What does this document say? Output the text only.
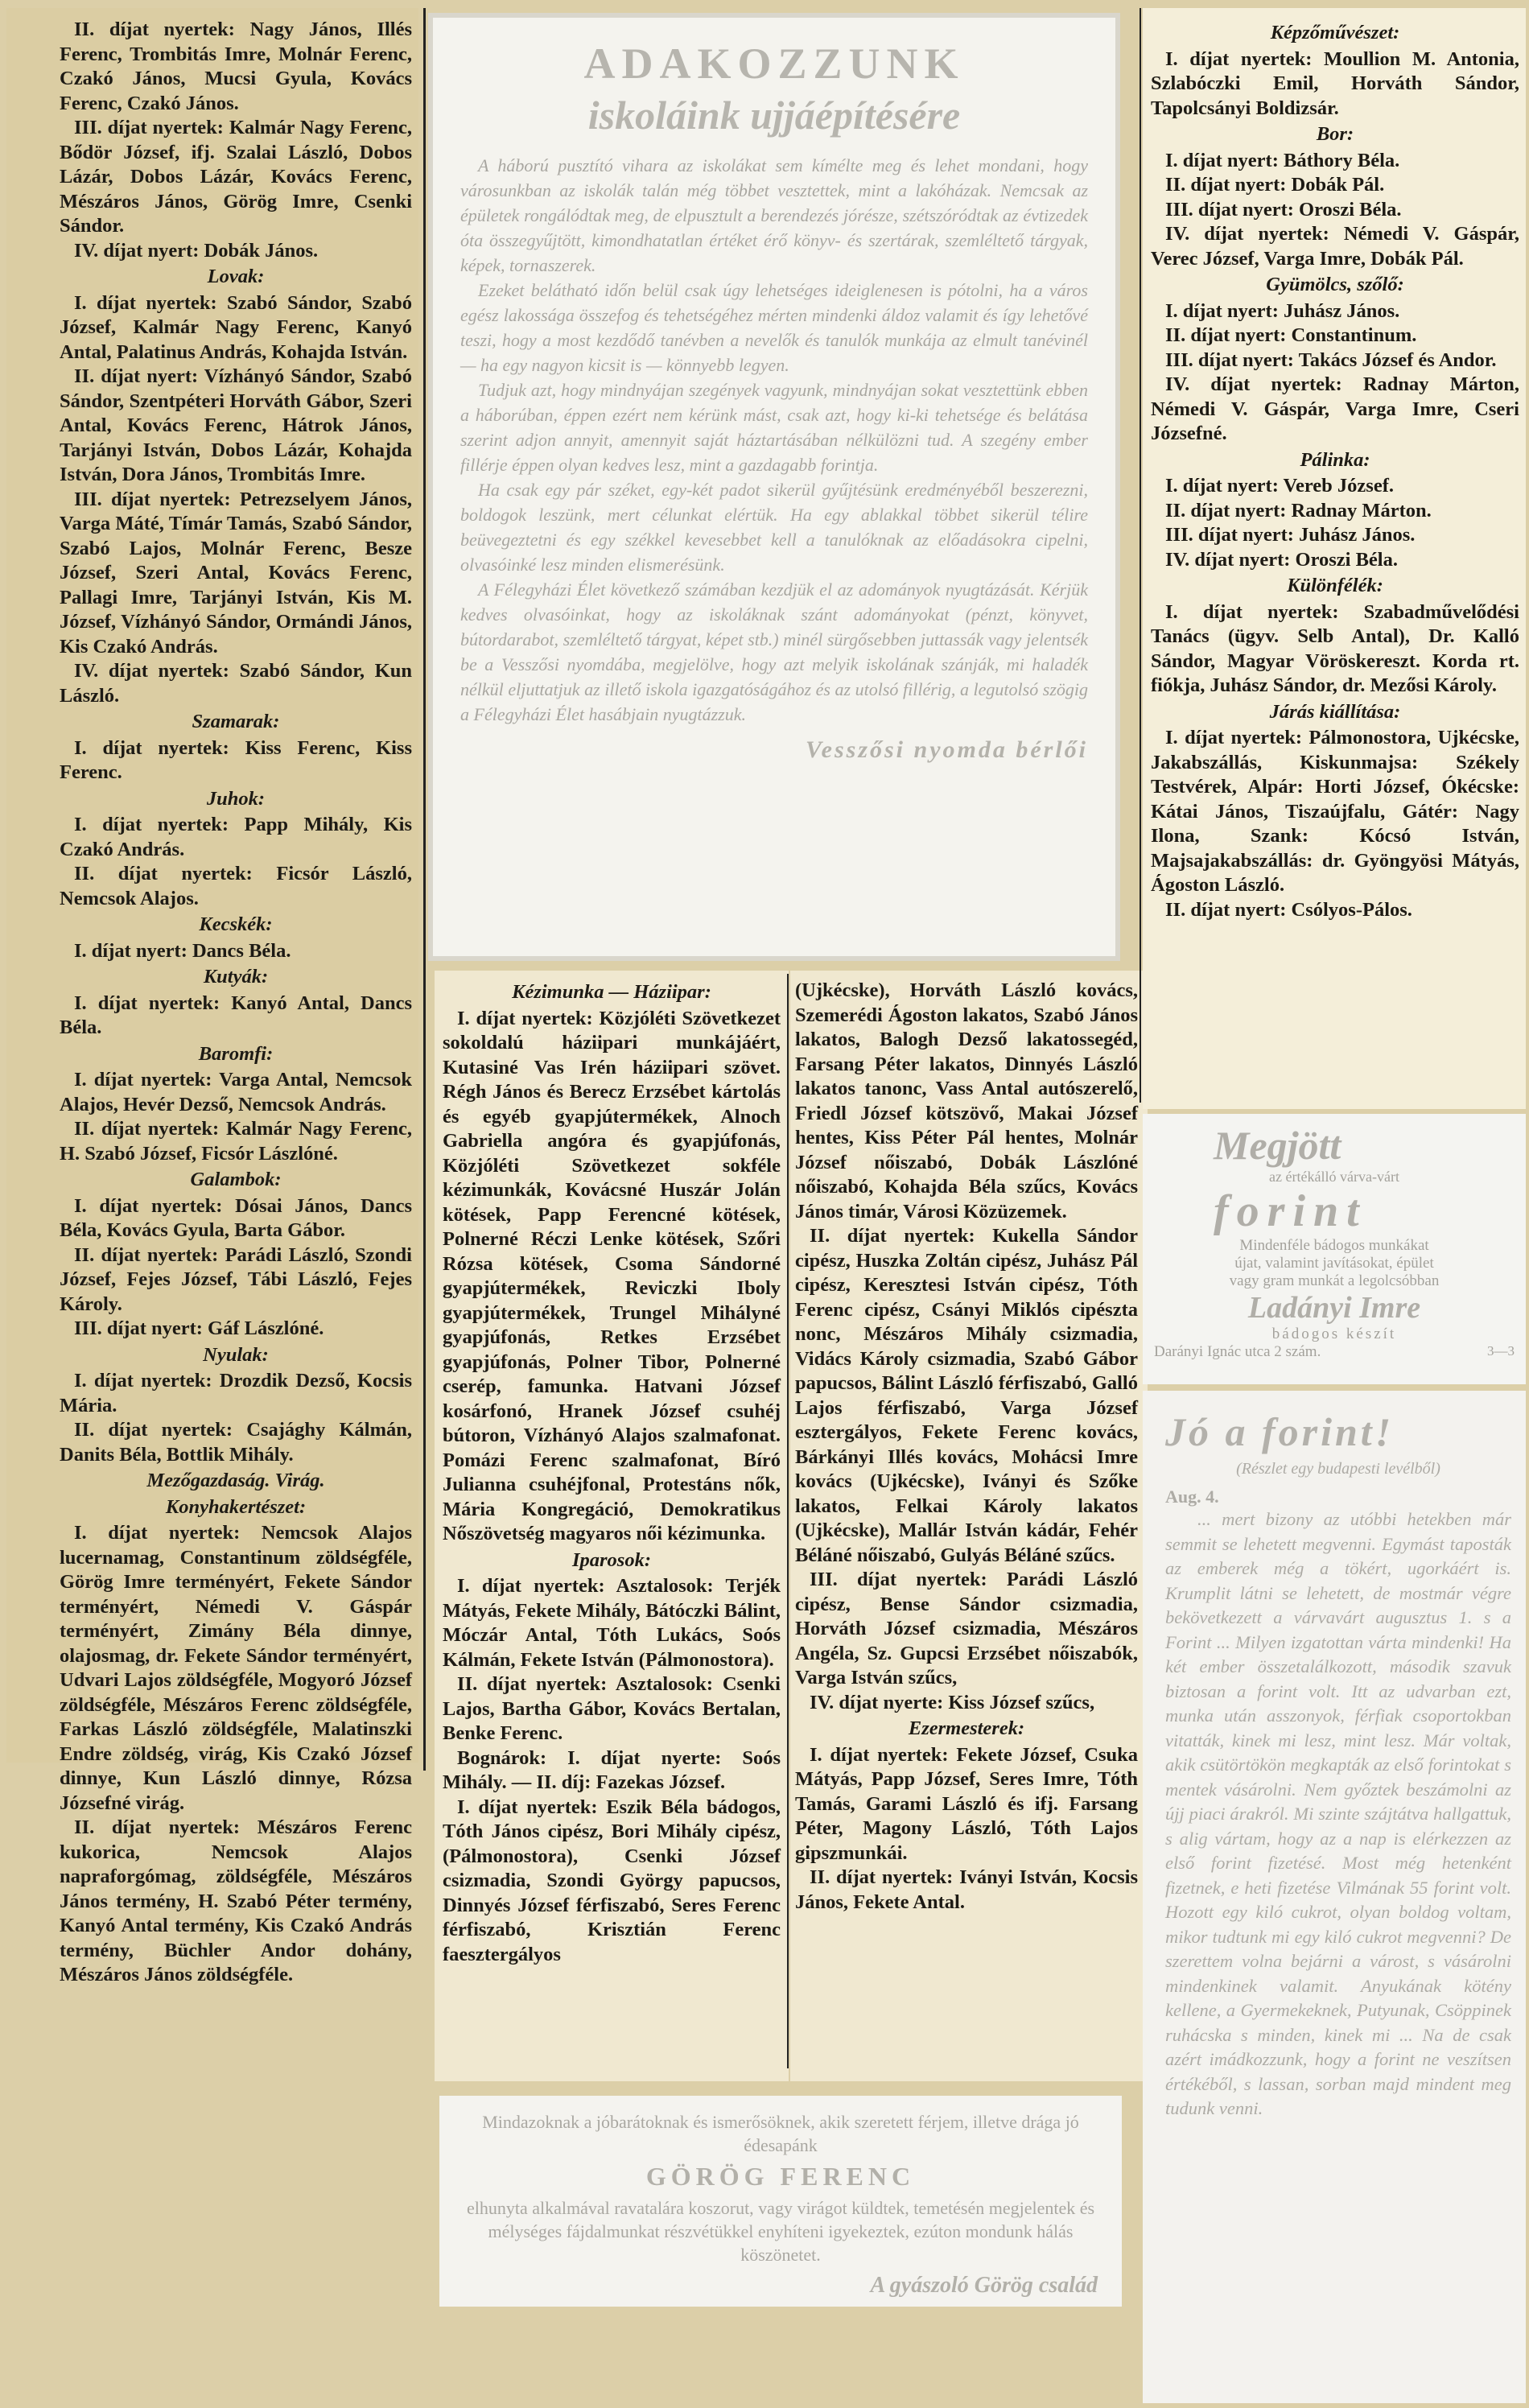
II. díjat nyertek: Nagy János, Illés Ferenc, Trombitás Imre, Molnár Ferenc, Czakó János, Mucsi Gyula, Kovács Ferenc, Czakó János.

III. díjat nyertek: Kalmár Nagy Ferenc, Bődör József, ifj. Szalai László, Dobos Lázár, Dobos Lázár, Kovács Ferenc, Mészáros János, Görög Imre, Csenki Sándor.

IV. díjat nyert: Dobák János.

Lovak:

I. díjat nyertek: Szabó Sándor, Szabó József, Kalmár Nagy Ferenc, Kanyó Antal, Palatinus András, Kohajda István.

II. díjat nyert: Vízhányó Sándor, Szabó Sándor, Szentpéteri Horváth Gábor, Szeri Antal, Kovács Ferenc, Hátrok János, Tarjányi István, Dobos Lázár, Kohajda István, Dora János, Trombitás Imre.

III. díjat nyertek: Petrezselyem János, Varga Máté, Tímár Tamás, Szabó Sándor, Szabó Lajos, Molnár Ferenc, Besze József, Szeri Antal, Kovács Ferenc, Pallagi Imre, Tarjányi István, Kis M. József, Vízhányó Sándor, Ormándi János, Kis Czakó András.

IV. díjat nyertek: Szabó Sándor, Kun László.

Szamarak:

I. díjat nyertek: Kiss Ferenc, Kiss Ferenc.

Juhok:

I. díjat nyertek: Papp Mihály, Kis Czakó András.

II. díjat nyertek: Ficsór László, Nemcsok Alajos.

Kecskék:

I. díjat nyert: Dancs Béla.

Kutyák:

I. díjat nyertek: Kanyó Antal, Dancs Béla.

Baromfi:

I. díjat nyertek: Varga Antal, Nemcsok Alajos, Hevér Dezső, Nemcsok András.

II. díjat nyertek: Kalmár Nagy Ferenc, H. Szabó József, Ficsór Lászlóné.

Galambok:

I. díjat nyertek: Dósai János, Dancs Béla, Kovács Gyula, Barta Gábor.

II. díjat nyertek: Parádi László, Szondi József, Fejes József, Tábi László, Fejes Károly.

III. díjat nyert: Gáf Lászlóné.

Nyulak:

I. díjat nyertek: Drozdik Dezső, Kocsis Mária.

II. díjat nyertek: Csajághy Kálmán, Danits Béla, Bottlik Mihály.

Mezőgazdaság. Virág.

Konyhakertészet:

I. díjat nyertek: Nemcsok Alajos lucernamag, Constantinum zöldségféle, Görög Imre terményért, Fekete Sándor terményért, Némedi V. Gáspár terményért, Zimány Béla dinnye, olajosmag, dr. Fekete Sándor terményért, Udvari Lajos zöldségféle, Mogyoró József zöldségféle, Mészáros Ferenc zöldségféle, Farkas László zöldségféle, Malatinszki Endre zöldség, virág, Kis Czakó József dinnye, Kun László dinnye, Rózsa Józsefné virág.

II. díjat nyertek: Mészáros Ferenc kukorica, Nemcsok Alajos napraforgómag, zöldségféle, Mészáros János termény, H. Szabó Péter termény, Kanyó Antal termény, Kis Czakó András termény, Büchler Andor dohány, Mészáros János zöldségféle.

ADAKOZZUNK
iskoláink ujjáépítésére

A háború pusztító vihara az iskolákat sem kímélte meg és lehet mondani, hogy városunkban az iskolák talán még többet vesztettek, mint a lakóházak. Nemcsak az épületek rongálódtak meg, de elpusztult a berendezés jórésze, szétszóródtak az évtizedek óta összegyűjtött, kimondhatatlan értéket érő könyv- és szertárak, szemléltető tárgyak, képek, tornaszerek.

Ezeket belátható időn belül csak úgy lehetséges ideiglenesen is pótolni, ha a város egész lakossága összefog és tehetségéhez mérten mindenki áldoz valamit és így lehetővé teszi, hogy a most kezdődő tanévben a nevelők és tanulók munkája az elmult tanévinél — ha egy nagyon kicsit is — könnyebb legyen.

Tudjuk azt, hogy mindnyájan szegények vagyunk, mindnyájan sokat vesztettünk ebben a háborúban, éppen ezért nem kérünk mást, csak azt, hogy ki-ki tehetsége és belátása szerint adjon annyit, amennyit saját háztartásában nélkülözni tud. A szegény ember fillérje éppen olyan kedves lesz, mint a gazdagabb forintja.

Ha csak egy pár széket, egy-két padot sikerül gyűjtésünk eredményéből beszerezni, boldogok leszünk, mert célunkat elértük. Ha egy ablakkal többet sikerül télire beüvegeztetni és egy székkel kevesebbet kell a tanulóknak az előadásokra cipelni, olvasóinké lesz minden elismerésünk.

A Félegyházi Élet következő számában kezdjük el az adományok nyugtázását. Kérjük kedves olvasóinkat, hogy az iskoláknak szánt adományokat (pénzt, könyvet, bútordarabot, szemléltető tárgyat, képet stb.) minél sürgősebben juttassák vagy jelentsék be a Vesszősi nyomdába, megjelölve, hogy azt melyik iskolának szánják, mi haladék nélkül eljuttatjuk az illető iskola igazgatóságához és az utolsó fillérig, a legutolsó szögig a Félegyházi Élet hasábjain nyugtázzuk.

Vesszősi nyomda bérlői

Kézimunka — Háziipar:

I. díjat nyertek: Közjóléti Szövetkezet sokoldalú háziipari munkájáért, Kutasiné Vas Irén háziipari szövet. Régh János és Berecz Erzsébet kártolás és egyéb gyapjútermékek, Alnoch Gabriella angóra és gyapjúfonás, Közjóléti Szövetkezet sokféle kézimunkák, Kovácsné Huszár Jolán kötések, Papp Ferencné kötések, Polnerné Réczi Lenke kötések, Szőri Rózsa kötések, Csoma Sándorné gyapjútermékek, Reviczki Iboly gyapjútermékek, Trungel Mihályné gyapjúfonás, Retkes Erzsébet gyapjúfonás, Polner Tibor, Polnerné cserép, famunka. Hatvani József kosárfonó, Hranek József csuhéj bútoron, Vízhányó Alajos szalmafonat. Pomázi Ferenc szalmafonat, Bíró Julianna csuhéjfonal, Protestáns nők, Mária Kongregáció, Demokratikus Nőszövetség magyaros női kézimunka.

Iparosok:

I. díjat nyertek: Asztalosok: Terjék Mátyás, Fekete Mihály, Bátóczki Bálint, Móczár Antal, Tóth Lukács, Soós Kálmán, Fekete István (Pálmonostora).

II. díjat nyertek: Asztalosok: Csenki Lajos, Bartha Gábor, Kovács Bertalan, Benke Ferenc.

Bognárok: I. díjat nyerte: Soós Mihály. — II. díj: Fazekas József.

I. díjat nyertek: Eszik Béla bádogos, Tóth János cipész, Bori Mihály cipész, (Pálmonostora), Csenki József csizmadia, Szondi György papucsos, Dinnyés József férfiszabó, Seres Ferenc férfiszabó, Krisztián Ferenc faesztergályos

(Ujkécske), Horváth László kovács, Szemerédi Ágoston lakatos, Szabó János lakatos, Balogh Dezső lakatossegéd, Farsang Péter lakatos, Dinnyés László lakatos tanonc, Vass Antal autószerelő, Friedl József kötszövő, Makai József hentes, Kiss Péter Pál hentes, Molnár József nőiszabó, Dobák Lászlóné nőiszabó, Kohajda Béla szűcs, Kovács János timár, Városi Közüzemek.

II. díjat nyertek: Kukella Sándor cipész, Huszka Zoltán cipész, Juhász Pál cipész, Keresztesi István cipész, Tóth Ferenc cipész, Csányi Miklós cipészta nonc, Mészáros Mihály csizmadia, Vidács Károly csizmadia, Szabó Gábor papucsos, Bálint László férfiszabó, Galló Lajos férfiszabó, Varga József esztergályos, Fekete Ferenc kovács, Bárkányi Illés kovács, Mohácsi Imre kovács (Ujkécske), Iványi és Szőke lakatos, Felkai Károly lakatos (Ujkécske), Mallár István kádár, Fehér Béláné nőiszabó, Gulyás Béláné szűcs.

III. díjat nyertek: Parádi László cipész, Bense Sándor csizmadia, Horváth József csizmadia, Mészáros Angéla, Sz. Gupcsi Erzsébet nőiszabók, Varga István szűcs,

IV. díjat nyerte: Kiss József szűcs,

Ezermesterek:

I. díjat nyertek: Fekete József, Csuka Mátyás, Papp József, Seres Imre, Tóth Tamás, Garami László és ifj. Farsang Péter, Magony László, Tóth Lajos gipszmunkái.

II. díjat nyertek: Iványi István, Kocsis János, Fekete Antal.

Mindazoknak a jóbarátoknak és ismerősöknek, akik szeretett férjem, illetve drága jó édesapánk

GÖRÖG FERENC

elhunyta alkalmával ravatalára koszorut, vagy virágot küldtek, temetésén megjelentek és mélységes fájdalmunkat részvétükkel enyhíteni igyekeztek, ezúton mondunk hálás köszönetet.

A gyászoló Görög család

Képzőművészet:

I. díjat nyertek: Moullion M. Antonia, Szlabóczki Emil, Horváth Sándor, Tapolcsányi Boldizsár.

Bor:

I. díjat nyert: Báthory Béla.

II. díjat nyert: Dobák Pál.

III. díjat nyert: Oroszi Béla.

IV. díjat nyertek: Némedi V. Gáspár, Verec József, Varga Imre, Dobák Pál.

Gyümölcs, szőlő:

I. díjat nyert: Juhász János.

II. díjat nyert: Constantinum.

III. díjat nyert: Takács József és Andor.

IV. díjat nyertek: Radnay Márton, Némedi V. Gáspár, Varga Imre, Cseri Józsefné.

Pálinka:

I. díjat nyert: Vereb József.

II. díjat nyert: Radnay Márton.

III. díjat nyert: Juhász János.

IV. díjat nyert: Oroszi Béla.

Különfélék:

I. díjat nyertek: Szabadművelődési Tanács (ügyv. Selb Antal), Dr. Kalló Sándor, Magyar Vöröskereszt. Korda rt. fiókja, Juhász Sándor, dr. Mezősi Károly.

Járás kiállítása:

I. díjat nyertek: Pálmonostora, Ujkécske, Jakabszállás, Kiskunmajsa: Székely Testvérek, Alpár: Horti József, Ókécske: Kátai János, Tiszaújfalu, Gátér: Nagy Ilona, Szank: Kócsó István, Majsajakabszállás: dr. Gyöngyösi Mátyás, Ágoston László.

II. díjat nyert: Csólyos-Pálos.

Megjött
az értékálló várva-várt
forint
Mindenféle bádogos munkákat
újat, valamint javításokat, épület
vagy gram munkát a legolcsóbban
Ladányi Imre
bádogos készít
Darányi Ignác utca 2 szám.	3—3
Jó a forint!
(Részlet egy budapesti levélből)
Aug. 4.

... mert bizony az utóbbi hetekben már semmit se lehetett megvenni. Egymást taposták az emberek még a tökért, ugorkáért is. Krumplit látni se lehetett, de mostmár végre bekövetkezett a várvavárt augusztus 1. s a Forint ... Milyen izgatottan várta mindenki! Ha két ember összetalálkozott, második szavuk biztosan a forint volt. Itt az udvarban ezt, munka után asszonyok, férfiak csoportokban vitatták, kinek mi lesz, mint lesz. Már voltak, akik csütörtökön megkapták az első forintokat s mentek vásárolni. Nem győztek beszámolni az újj piaci árakról. Mi szinte szájtátva hallgattuk, s alig vártam, hogy az a nap is elérkezzen az első forint fizetésé. Most még hetenként fizetnek, e heti fizetése Vilmának 55 forint volt. Hozott egy kiló cukrot, olyan boldog voltam, mikor tudtunk mi egy kiló cukrot megvenni? De szerettem volna bejárni a várost, s vásárolni mindenkinek valamit. Anyukának kötény kellene, a Gyermekeknek, Putyunak, Csöppinek ruhácska s minden, kinek mi ... Na de csak azért imádkozzunk, hogy a forint ne veszítsen értékéből, s lassan, sorban majd mindent meg tudunk venni.
